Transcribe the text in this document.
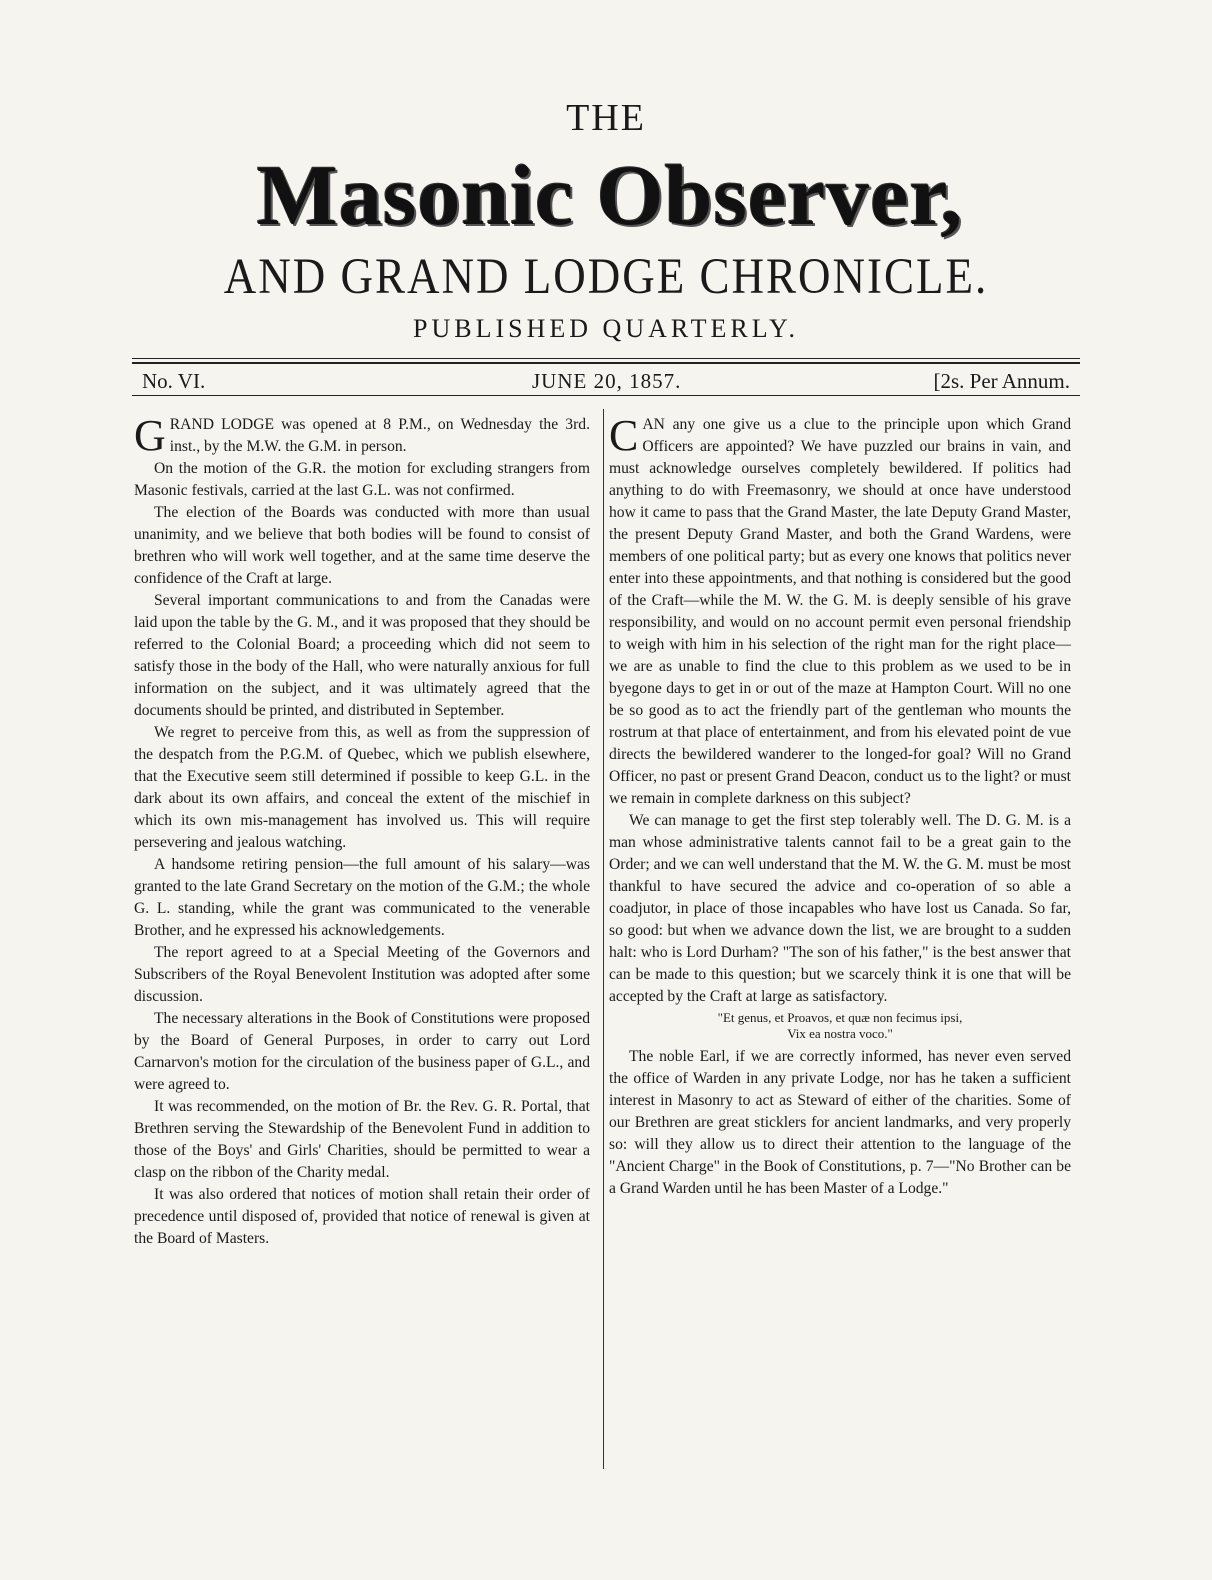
THE
Masonic Observer,
AND GRAND LODGE CHRONICLE.
PUBLISHED QUARTERLY.
No. VI.	JUNE 20, 1857.	[2s. Per Annum.

GRAND LODGE was opened at 8 P.M., on Wednesday the 3rd. inst., by the M.W. the G.M. in person.

On the motion of the G.R. the motion for excluding strangers from Masonic festivals, carried at the last G.L. was not confirmed.

The election of the Boards was conducted with more than usual unanimity, and we believe that both bodies will be found to consist of brethren who will work well together, and at the same time deserve the confidence of the Craft at large.

Several important communications to and from the Canadas were laid upon the table by the G. M., and it was proposed that they should be referred to the Colonial Board; a proceeding which did not seem to satisfy those in the body of the Hall, who were naturally anxious for full information on the subject, and it was ultimately agreed that the documents should be printed, and distributed in September.

We regret to perceive from this, as well as from the suppression of the despatch from the P.G.M. of Quebec, which we publish elsewhere, that the Executive seem still determined if possible to keep G.L. in the dark about its own affairs, and conceal the extent of the mischief in which its own mis-management has involved us. This will require persevering and jealous watching.

A handsome retiring pension—the full amount of his salary—was granted to the late Grand Secretary on the motion of the G.M.; the whole G. L. standing, while the grant was communicated to the venerable Brother, and he expressed his acknowledgements.

The report agreed to at a Special Meeting of the Governors and Subscribers of the Royal Benevolent Institution was adopted after some discussion.

The necessary alterations in the Book of Constitutions were proposed by the Board of General Purposes, in order to carry out Lord Carnarvon's motion for the circulation of the business paper of G.L., and were agreed to.

It was recommended, on the motion of Br. the Rev. G. R. Portal, that Brethren serving the Stewardship of the Benevolent Fund in addition to those of the Boys' and Girls' Charities, should be permitted to wear a clasp on the ribbon of the Charity medal.

It was also ordered that notices of motion shall retain their order of precedence until disposed of, provided that notice of renewal is given at the Board of Masters.

CAN any one give us a clue to the principle upon which Grand Officers are appointed? We have puzzled our brains in vain, and must acknowledge ourselves completely bewildered. If politics had anything to do with Freemasonry, we should at once have understood how it came to pass that the Grand Master, the late Deputy Grand Master, the present Deputy Grand Master, and both the Grand Wardens, were members of one political party; but as every one knows that politics never enter into these appointments, and that nothing is considered but the good of the Craft—while the M. W. the G. M. is deeply sensible of his grave responsibility, and would on no account permit even personal friendship to weigh with him in his selection of the right man for the right place—we are as unable to find the clue to this problem as we used to be in byegone days to get in or out of the maze at Hampton Court. Will no one be so good as to act the friendly part of the gentleman who mounts the rostrum at that place of entertainment, and from his elevated point de vue directs the bewildered wanderer to the longed-for goal? Will no Grand Officer, no past or present Grand Deacon, conduct us to the light? or must we remain in complete darkness on this subject?

We can manage to get the first step tolerably well. The D. G. M. is a man whose administrative talents cannot fail to be a great gain to the Order; and we can well understand that the M. W. the G. M. must be most thankful to have secured the advice and co-operation of so able a coadjutor, in place of those incapables who have lost us Canada. So far, so good: but when we advance down the list, we are brought to a sudden halt: who is Lord Durham? "The son of his father," is the best answer that can be made to this question; but we scarcely think it is one that will be accepted by the Craft at large as satisfactory.

"Et genus, et Proavos, et quæ non fecimus ipsi,
Vix ea nostra voco."

The noble Earl, if we are correctly informed, has never even served the office of Warden in any private Lodge, nor has he taken a sufficient interest in Masonry to act as Steward of either of the charities. Some of our Brethren are great sticklers for ancient landmarks, and very properly so: will they allow us to direct their attention to the language of the "Ancient Charge" in the Book of Constitutions, p. 7—"No Brother can be a Grand Warden until he has been Master of a Lodge."
